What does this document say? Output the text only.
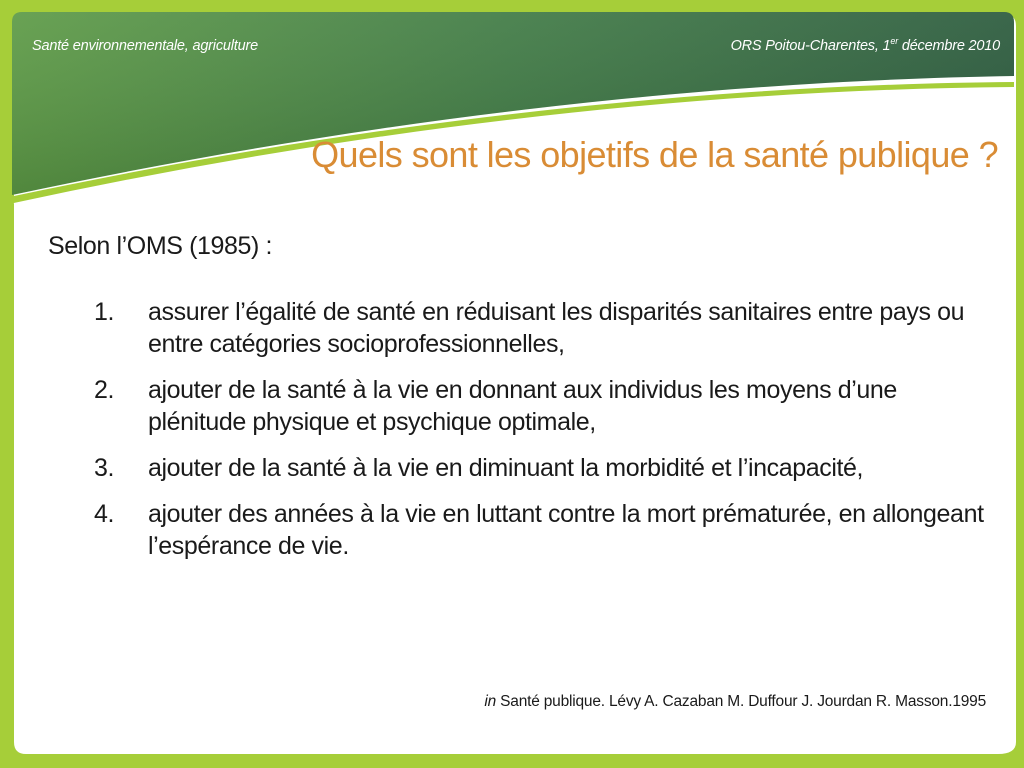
Santé environnementale, agriculture	ORS Poitou-Charentes, 1er décembre 2010
Quels sont les objetifs de la santé publique ?
Selon l’OMS (1985) :
1. assurer l’égalité de santé en réduisant les disparités sanitaires entre pays ou entre catégories socioprofessionnelles,
2. ajouter de la santé à la vie en donnant aux individus les moyens d’une plénitude physique et psychique optimale,
3. ajouter de la santé à la vie en diminuant la morbidité et l’incapacité,
4. ajouter des années à la vie en luttant contre la mort prématurée, en allongeant l’espérance de vie.
in Santé publique. Lévy A. Cazaban M. Duffour J. Jourdan R. Masson.1995
